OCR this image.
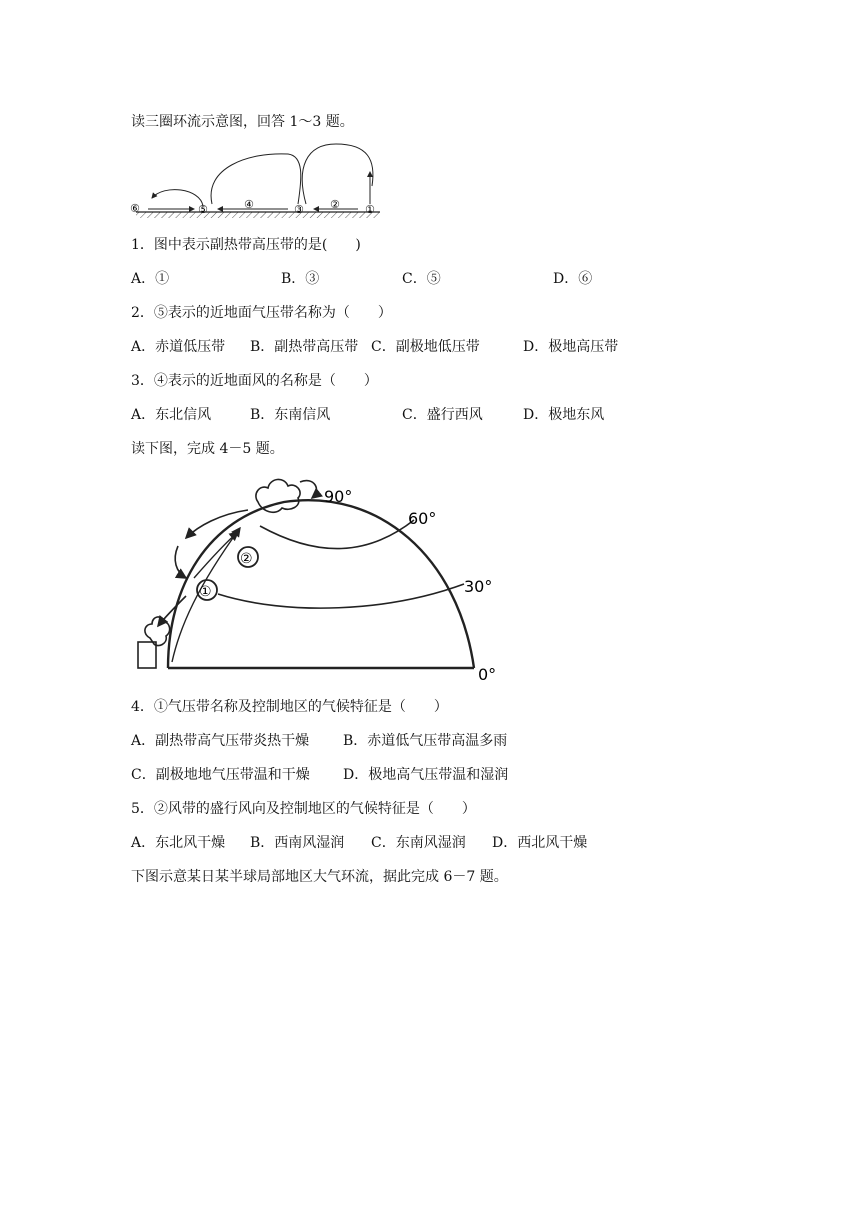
读三圈环流示意图，回答 1～3 题。
⑥	⑤	④	③ ② ①
1．图中表示副热带高压带的是(　　)
A．①	B．③	C．⑤	D．⑥
2．⑤表示的近地面气压带名称为（　　）
A．赤道低压带 B．副热带高压带 C．副极地低压带	D．极地高压带
3．④表示的近地面风的名称是（　　）
A．东北信风	B．东南信风	C．盛行西风	D．极地东风
读下图，完成 4－5 题。
90°
60°
30°
0°
②
①
4．①气压带名称及控制地区的气候特征是（　　）
A．副热带高气压带炎热干燥 B．赤道低气压带高温多雨
C．副极地地气压带温和干燥 D．极地高气压带温和湿润
5．②风带的盛行风向及控制地区的气候特征是（　　）
A．东北风干燥 B．西南风湿润 C．东南风湿润 D．西北风干燥
下图示意某日某半球局部地区大气环流，据此完成 6－7 题。
